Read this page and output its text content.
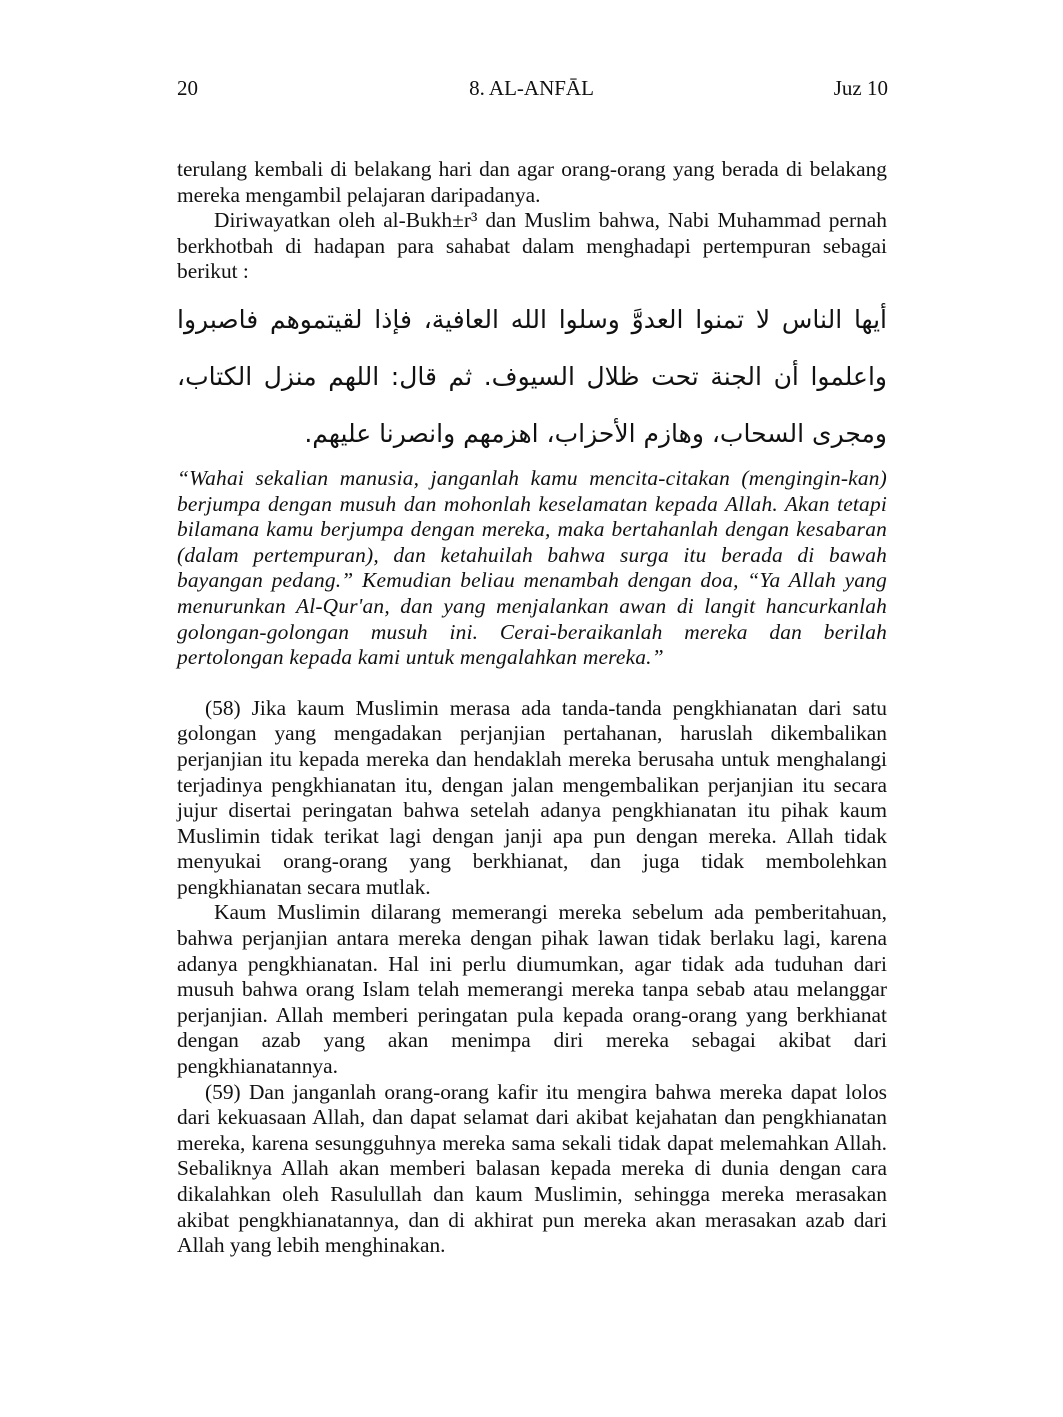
20	8. AL-ANFĀL	Juz 10

terulang kembali di belakang hari dan agar orang-orang yang berada di belakang mereka mengambil pelajaran daripadanya.

Diriwayatkan oleh al-Bukh±r³ dan Muslim bahwa, Nabi Muhammad pernah berkhotbah di hadapan para sahabat dalam menghadapi pertempuran sebagai berikut :

أيها الناس لا تمنوا العدوَّ وسلوا الله العافية، فإذا لقيتموهم فاصبروا واعلموا أن الجنة تحت ظلال السيوف. ثم قال: اللهم منزل الكتاب، ومجرى السحاب، وهازم الأحزاب، اهزمهم وانصرنا عليهم.

“Wahai sekalian manusia, janganlah kamu mencita-citakan (mengingin-kan) berjumpa dengan musuh dan mohonlah keselamatan kepada Allah. Akan tetapi bilamana kamu berjumpa dengan mereka, maka bertahanlah dengan kesabaran (dalam pertempuran), dan ketahuilah bahwa surga itu berada di bawah bayangan pedang.” Kemudian beliau menambah dengan doa, “Ya Allah yang menurunkan Al-Qur'an, dan yang menjalankan awan di langit hancurkanlah golongan-golongan musuh ini. Cerai-beraikanlah mereka dan berilah pertolongan kepada kami untuk mengalahkan mereka.”

(58) Jika kaum Muslimin merasa ada tanda-tanda pengkhianatan dari satu golongan yang mengadakan perjanjian pertahanan, haruslah dikembalikan perjanjian itu kepada mereka dan hendaklah mereka berusaha untuk menghalangi terjadinya pengkhianatan itu, dengan jalan mengembalikan perjanjian itu secara jujur disertai peringatan bahwa setelah adanya pengkhianatan itu pihak kaum Muslimin tidak terikat lagi dengan janji apa pun dengan mereka. Allah tidak menyukai orang-orang yang berkhianat, dan juga tidak membolehkan pengkhianatan secara mutlak.

Kaum Muslimin dilarang memerangi mereka sebelum ada pemberitahuan, bahwa perjanjian antara mereka dengan pihak lawan tidak berlaku lagi, karena adanya pengkhianatan. Hal ini perlu diumumkan, agar tidak ada tuduhan dari musuh bahwa orang Islam telah memerangi mereka tanpa sebab atau melanggar perjanjian. Allah memberi peringatan pula kepada orang-orang yang berkhianat dengan azab yang akan menimpa diri mereka sebagai akibat dari pengkhianatannya.

(59) Dan janganlah orang-orang kafir itu mengira bahwa mereka dapat lolos dari kekuasaan Allah, dan dapat selamat dari akibat kejahatan dan pengkhianatan mereka, karena sesungguhnya mereka sama sekali tidak dapat melemahkan Allah. Sebaliknya Allah akan memberi balasan kepada mereka di dunia dengan cara dikalahkan oleh Rasulullah dan kaum Muslimin, sehingga mereka merasakan akibat pengkhianatannya, dan di akhirat pun mereka akan merasakan azab dari Allah yang lebih menghinakan.
